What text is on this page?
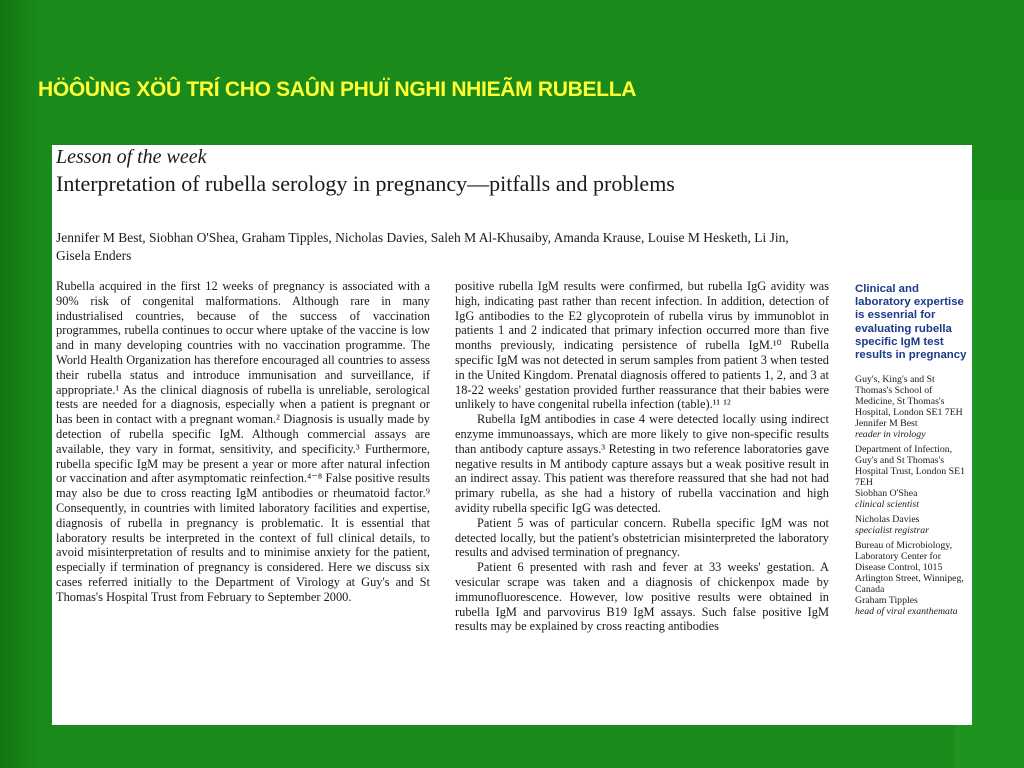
HÖÔÙNG XÖÛ TRÍ CHO SAÛN PHUÏ NGHI NHIEÃM RUBELLA
Lesson of the week
Interpretation of rubella serology in pregnancy—pitfalls and problems
Jennifer M Best, Siobhan O'Shea, Graham Tipples, Nicholas Davies, Saleh M Al-Khusaiby, Amanda Krause, Louise M Hesketh, Li Jin, Gisela Enders

Rubella acquired in the first 12 weeks of pregnancy is associated with a 90% risk of congenital malformations. Although rare in many industrialised countries, because of the success of vaccination programmes, rubella continues to occur where uptake of the vaccine is low and in many developing countries with no vaccination programme. The World Health Organization has therefore encouraged all countries to assess their rubella status and introduce immunisation and surveillance, if appropriate.¹ As the clinical diagnosis of rubella is unreliable, serological tests are needed for a diagnosis, especially when a patient is pregnant or has been in contact with a pregnant woman.² Diagnosis is usually made by detection of rubella specific IgM. Although commercial assays are available, they vary in format, sensitivity, and specificity.³ Furthermore, rubella specific IgM may be present a year or more after natural infection or vaccination and after asymptomatic reinfection.⁴⁻⁸ False positive results may also be due to cross reacting IgM antibodies or rheumatoid factor.⁹ Consequently, in countries with limited laboratory facilities and expertise, diagnosis of rubella in pregnancy is problematic. It is essential that laboratory results be interpreted in the context of full clinical details, to avoid misinterpretation of results and to minimise anxiety for the patient, especially if termination of pregnancy is considered. Here we discuss six cases referred initially to the Department of Virology at Guy's and St Thomas's Hospital Trust from February to September 2000.

positive rubella IgM results were confirmed, but rubella IgG avidity was high, indicating past rather than recent infection. In addition, detection of IgG antibodies to the E2 glycoprotein of rubella virus by immunoblot in patients 1 and 2 indicated that primary infection occurred more than five months previously, indicating persistence of rubella IgM.¹⁰ Rubella specific IgM was not detected in serum samples from patient 3 when tested in the United Kingdom. Prenatal diagnosis offered to patients 1, 2, and 3 at 18-22 weeks' gestation provided further reassurance that their babies were unlikely to have congenital rubella infection (table).¹¹ ¹²

Rubella IgM antibodies in case 4 were detected locally using indirect enzyme immunoassays, which are more likely to give non-specific results than antibody capture assays.³ Retesting in two reference laboratories gave negative results in M antibody capture assays but a weak positive result in an indirect assay. This patient was therefore reassured that she had not had primary rubella, as she had a history of rubella vaccination and high avidity rubella specific IgG was detected.

Patient 5 was of particular concern. Rubella specific IgM was not detected locally, but the patient's obstetrician misinterpreted the laboratory results and advised termination of pregnancy.

Patient 6 presented with rash and fever at 33 weeks' gestation. A vesicular scrape was taken and a diagnosis of chickenpox made by immunofluorescence. However, low positive results were obtained in rubella IgM and parvovirus B19 IgM assays. Such false positive IgM results may be explained by cross reacting antibodies

Clinical and laboratory expertise is essenrial for evaluating rubella specific IgM test results in pregnancy
Guy's, King's and St Thomas's School of Medicine, St Thomas's Hospital, London SE1 7EH
Jennifer M Best
reader in virology
Department of Infection, Guy's and St Thomas's Hospital Trust, London SE1 7EH
Siobhan O'Shea
clinical scientist
Nicholas Davies
specialist registrar
Bureau of Microbiology, Laboratory Center for Disease Control, 1015 Arlington Street, Winnipeg, Canada
Graham Tipples
head of viral exanthemata
